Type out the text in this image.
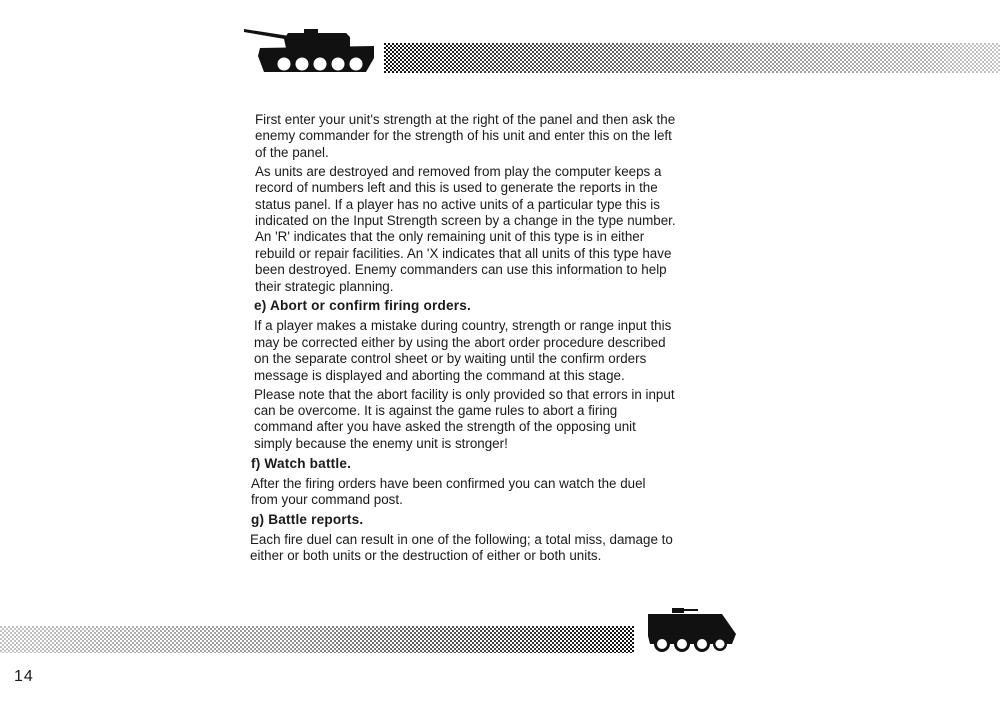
First enter your unit's strength at the right of the panel and then ask the
enemy commander for the strength of his unit and enter this on the left
of the panel.

As units are destroyed and removed from play the computer keeps a
record of numbers left and this is used to generate the reports in the
status panel. If a player has no active units of a particular type this is
indicated on the Input Strength screen by a change in the type number.
An 'R' indicates that the only remaining unit of this type is in either
rebuild or repair facilities. An 'X indicates that all units of this type have
been destroyed. Enemy commanders can use this information to help
their strategic planning.

e) Abort or confirm firing orders.

If a player makes a mistake during country, strength or range input this
may be corrected either by using the abort order procedure described
on the separate control sheet or by waiting until the confirm orders
message is displayed and aborting the command at this stage.

Please note that the abort facility is only provided so that errors in input
can be overcome. It is against the game rules to abort a firing
command after you have asked the strength of the opposing unit
simply because the enemy unit is stronger!

f) Watch battle.

After the firing orders have been confirmed you can watch the duel
from your command post.

g) Battle reports.

Each fire duel can result in one of the following; a total miss, damage to
either or both units or the destruction of either or both units.

14
